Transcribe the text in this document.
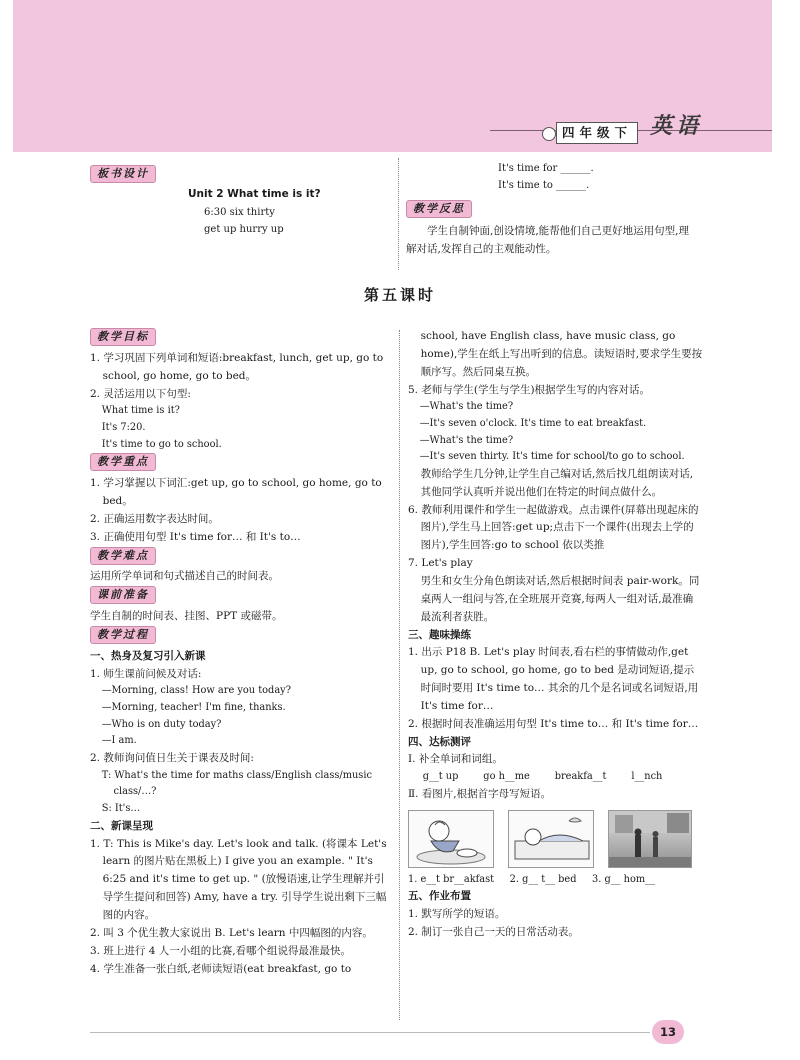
四年级下 英语
板书设计
Unit 2 What time is it?
6:30 six thirty
get up hurry up
It's time for ______.
It's time to ______.
教学反思
学生自制钟面,创设情境,能帮他们自己更好地运用句型,理解对话,发挥自己的主观能动性。
第五课时
教学目标
1. 学习巩固下列单词和短语:breakfast, lunch, get up, go to school, go home, go to bed。
2. 灵活运用以下句型:
What time is it?
It's 7:20.
It's time to go to school.
教学重点
1. 学习掌握以下词汇:get up, go to school, go home, go to bed。
2. 正确运用数字表达时间。
3. 正确使用句型 It's time for… 和 It's to…
教学难点
运用所学单词和句式描述自己的时间表。
课前准备
学生自制的时间表、挂图、PPT 或磁带。
教学过程
一、热身及复习引入新课
1. 师生课前问候及对话:
—Morning, class! How are you today?
—Morning, teacher! I'm fine, thanks.
—Who is on duty today?
—I am.
2. 教师询问值日生关于课表及时间:
T: What's the time for maths class/English class/music class/…?
S: It's…
二、新课呈现
1. T: This is Mike's day. Let's look and talk. (将课本 Let's learn 的图片贴在黑板上) I give you an example. " It's 6:25 and it's time to get up. " (放慢语速,让学生理解并引导学生提问和回答) Amy, have a try. 引导学生说出剩下三幅图的内容。
2. 叫 3 个优生教大家说出 B. Let's learn 中四幅图的内容。
3. 班上进行 4 人一小组的比赛,看哪个组说得最准最快。
4. 学生准备一张白纸,老师读短语(eat breakfast, go to
school, have English class, have music class, go home),学生在纸上写出听到的信息。读短语时,要求学生要按顺序写。然后同桌互换。
5. 老师与学生(学生与学生)根据学生写的内容对话。
—What's the time?
—It's seven o'clock. It's time to eat breakfast.
—What's the time?
—It's seven thirty. It's time for school/to go to school.
教师给学生几分钟,让学生自己编对话,然后找几组朗读对话,其他同学认真听并说出他们在特定的时间点做什么。
6. 教师利用课件和学生一起做游戏。点击课件(屏幕出现起床的图片),学生马上回答:get up;点击下一个课件(出现去上学的图片),学生回答:go to school 依以类推
7. Let's play
男生和女生分角色朗读对话,然后根据时间表 pair-work。同桌两人一组问与答,在全班展开竞赛,每两人一组对话,最准确最流利者获胜。
三、趣味操练
1. 出示 P18 B. Let's play 时间表,看右栏的事情做动作,get up, go to school, go home, go to bed 是动词短语,提示时间时要用 It's time to… 其余的几个是名词或名词短语,用 It's time for…
2. 根据时间表准确运用句型 It's time to… 和 It's time for…
四、达标测评
Ⅰ. 补全单词和词组。
g__t up        go h__me        breakfa__t        l__nch
Ⅱ. 看图片,根据首字母写短语。
1. e__t br__akfast     2. g__ t__ bed     3. g__ hom__
五、作业布置
1. 默写所学的短语。
2. 制订一张自己一天的日常活动表。
13
